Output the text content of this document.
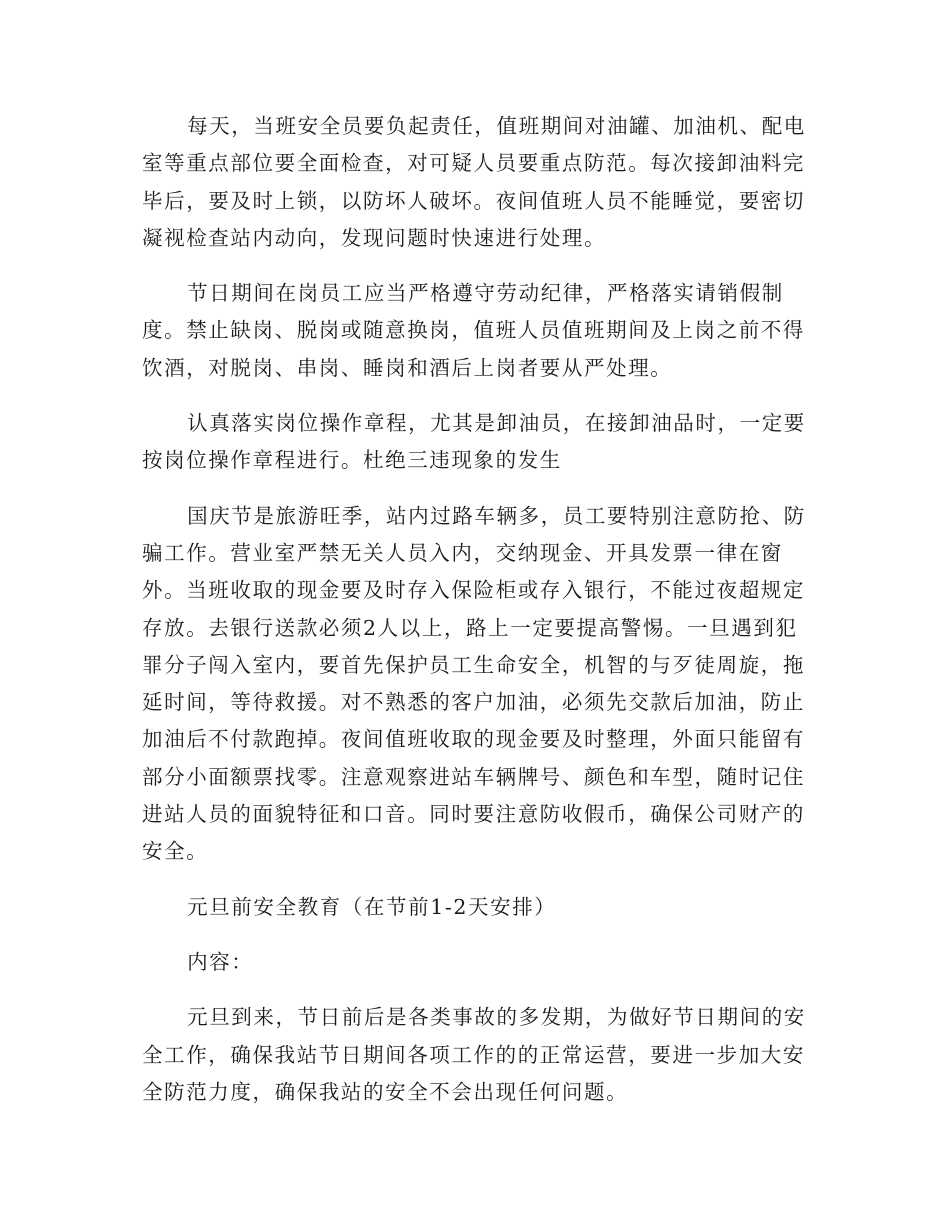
每天，当班安全员要负起责任，值班期间对油罐、加油机、配电室等重点部位要全面检查，对可疑人员要重点防范。每次接卸油料完毕后，要及时上锁，以防坏人破坏。夜间值班人员不能睡觉，要密切凝视检查站内动向，发现问题时快速进行处理。

节日期间在岗员工应当严格遵守劳动纪律，严格落实请销假制度。禁止缺岗、脱岗或随意换岗，值班人员值班期间及上岗之前不得饮酒，对脱岗、串岗、睡岗和酒后上岗者要从严处理。

认真落实岗位操作章程，尤其是卸油员，在接卸油品时，一定要按岗位操作章程进行。杜绝三违现象的发生

国庆节是旅游旺季，站内过路车辆多，员工要特别注意防抢、防骗工作。营业室严禁无关人员入内，交纳现金、开具发票一律在窗外。当班收取的现金要及时存入保险柜或存入银行，不能过夜超规定存放。去银行送款必须2人以上，路上一定要提高警惕。一旦遇到犯罪分子闯入室内，要首先保护员工生命安全，机智的与歹徒周旋，拖延时间，等待救援。对不熟悉的客户加油，必须先交款后加油，防止加油后不付款跑掉。夜间值班收取的现金要及时整理，外面只能留有部分小面额票找零。注意观察进站车辆牌号、颜色和车型，随时记住进站人员的面貌特征和口音。同时要注意防收假币，确保公司财产的安全。

元旦前安全教育（在节前1-2天安排）

内容：

元旦到来，节日前后是各类事故的多发期，为做好节日期间的安全工作，确保我站节日期间各项工作的的正常运营，要进一步加大安全防范力度，确保我站的安全不会出现任何问题。
